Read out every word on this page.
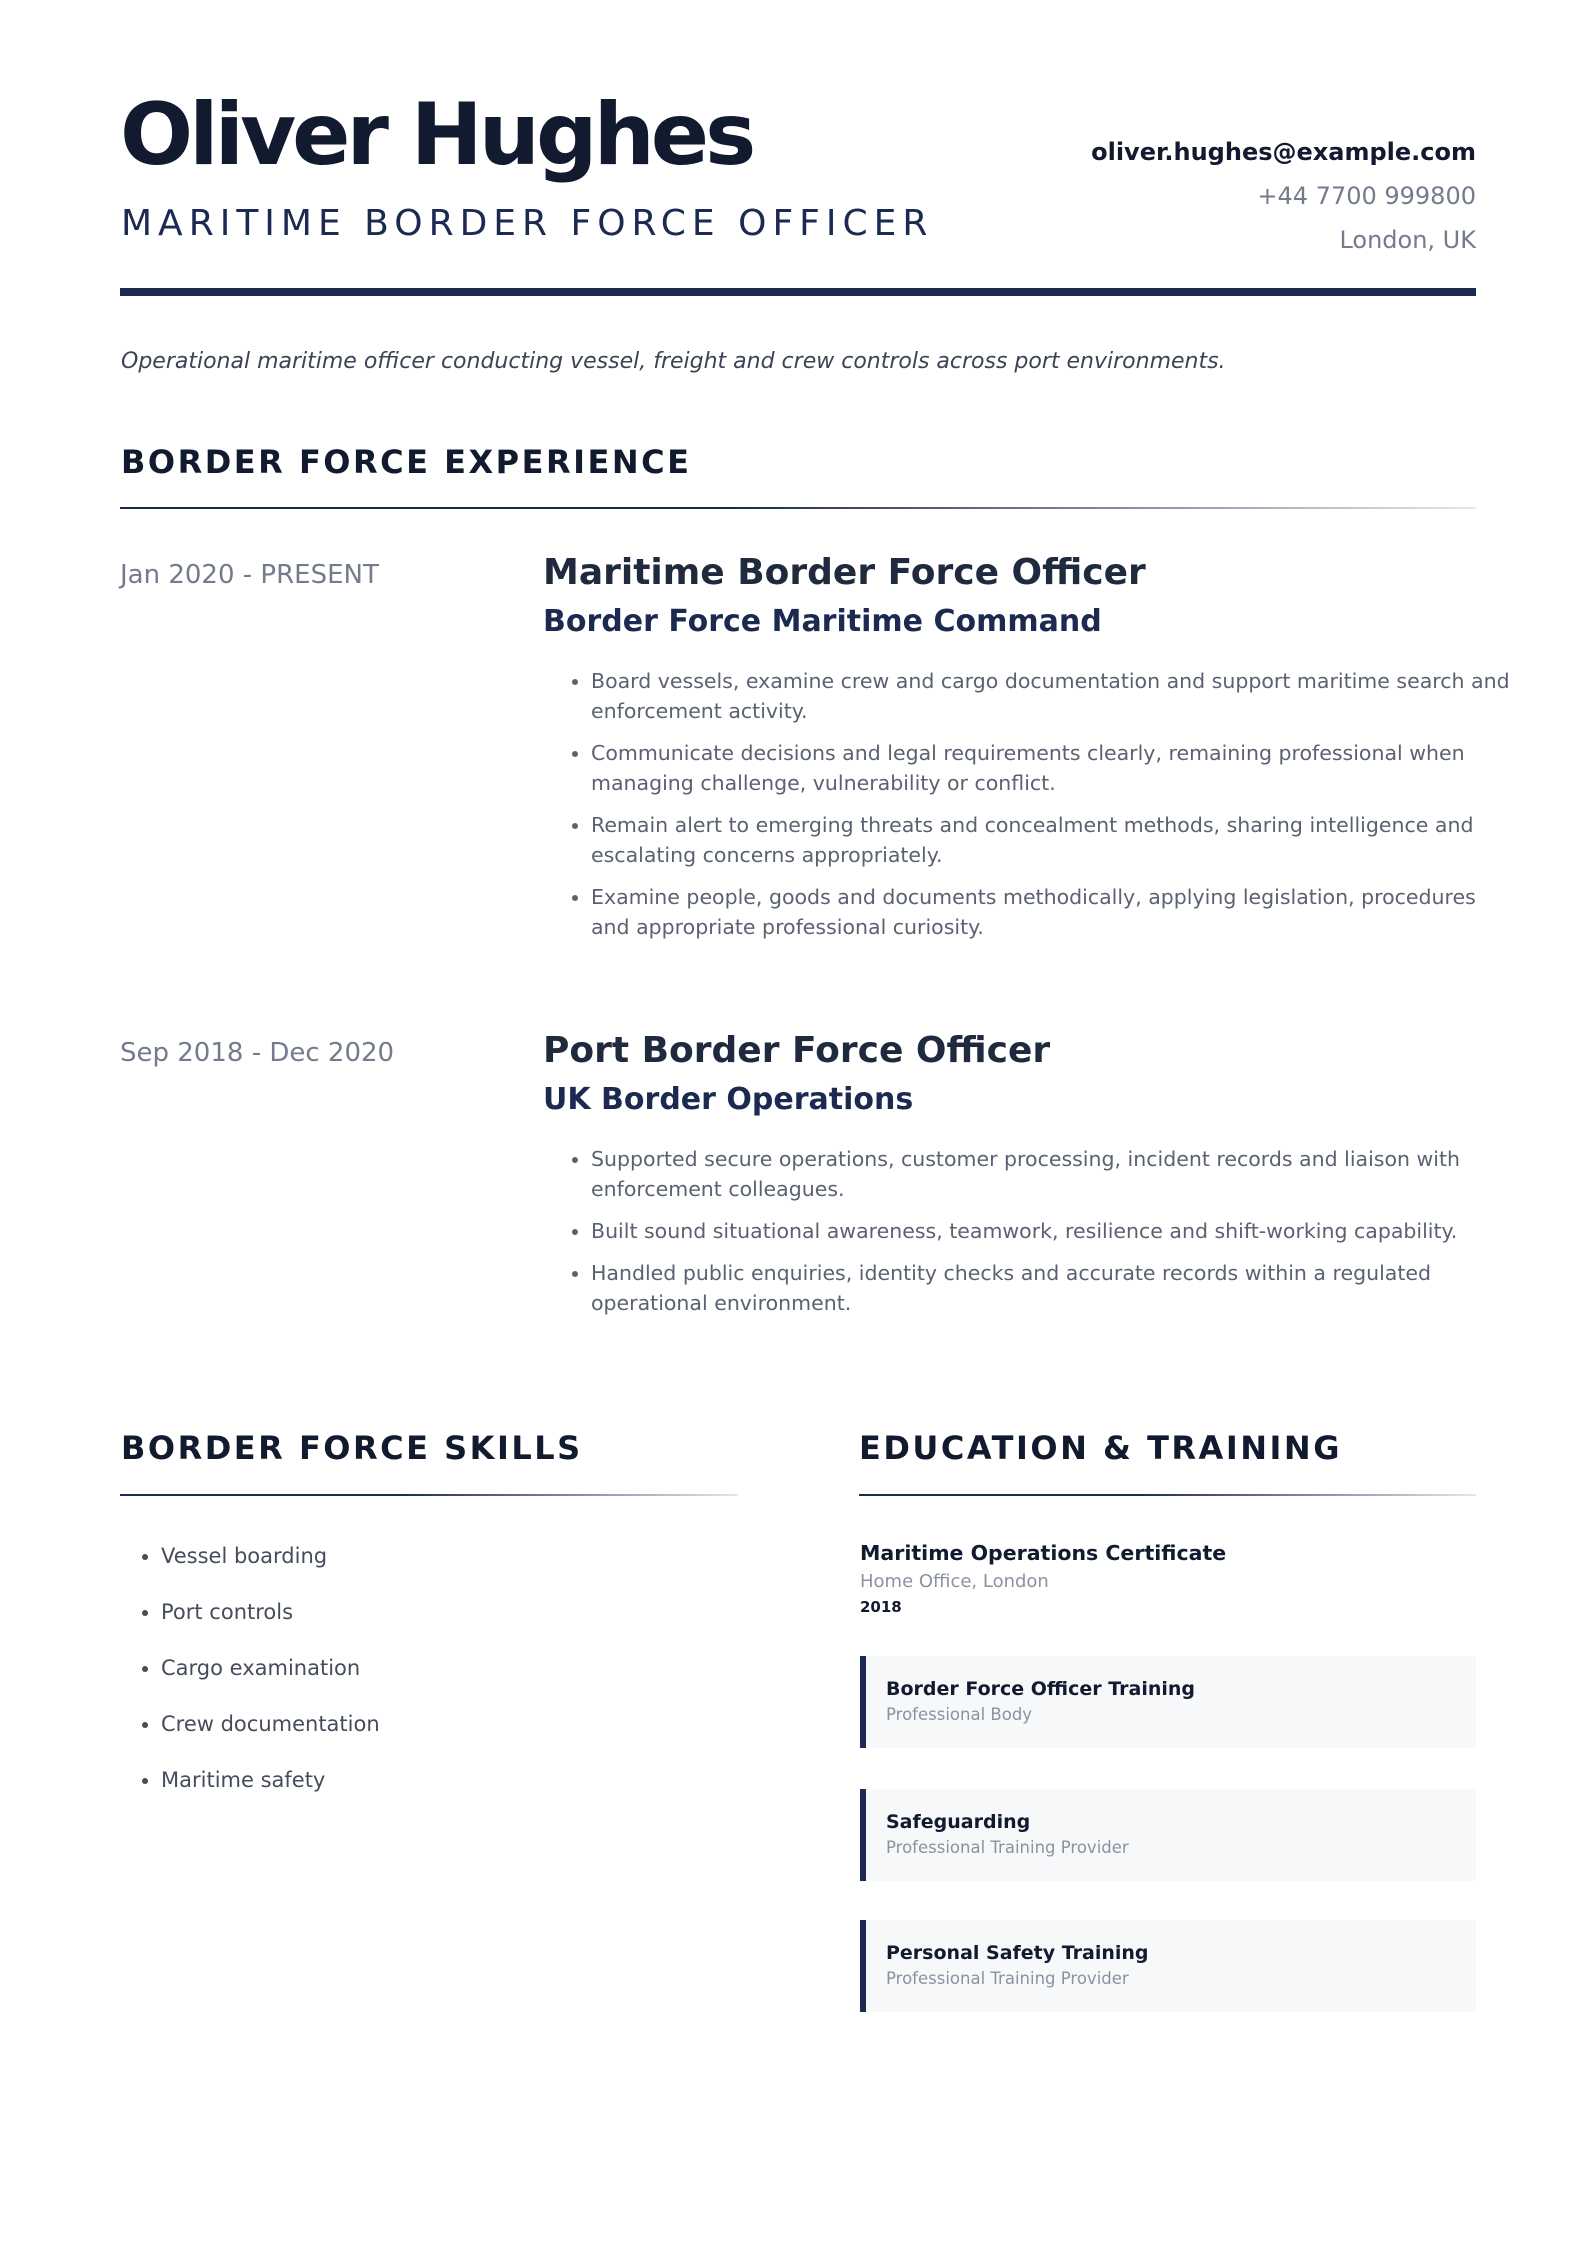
Oliver Hughes
MARITIME BORDER FORCE OFFICER
oliver.hughes@example.com
+44 7700 999800
London, UK
Operational maritime officer conducting vessel, freight and crew controls across port environments.
BORDER FORCE EXPERIENCE
Jan 2020 - PRESENT	Maritime Border Force Officer
Border Force Maritime Command
• Board vessels, examine crew and cargo documentation and support maritime search and enforcement activity.
• Communicate decisions and legal requirements clearly, remaining professional when managing challenge, vulnerability or conflict.
• Remain alert to emerging threats and concealment methods, sharing intelligence and escalating concerns appropriately.
• Examine people, goods and documents methodically, applying legislation, procedures and appropriate professional curiosity.
Sep 2018 - Dec 2020	Port Border Force Officer
UK Border Operations
• Supported secure operations, customer processing, incident records and liaison with enforcement colleagues.
• Built sound situational awareness, teamwork, resilience and shift-working capability.
• Handled public enquiries, identity checks and accurate records within a regulated operational environment.
BORDER FORCE SKILLS
• Vessel boarding
• Port controls
• Cargo examination
• Crew documentation
• Maritime safety
EDUCATION & TRAINING
Maritime Operations Certificate
Home Office, London
2018
Border Force Officer Training
Professional Body
Safeguarding
Professional Training Provider
Personal Safety Training
Professional Training Provider
